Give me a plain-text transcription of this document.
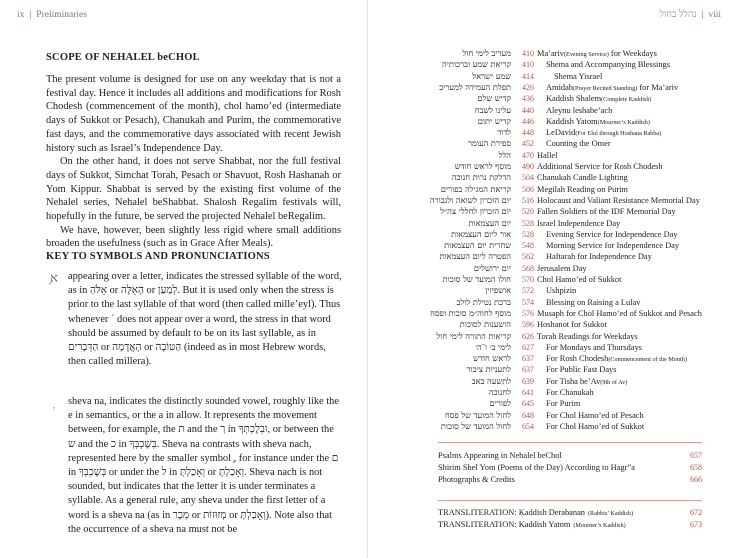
ix | Preliminaries
SCOPE OF NEHALEL beCHOL

The present volume is designed for use on any weekday that is not a festival day. Hence it includes all additions and modifications for Rosh Chodesh (commencement of the month), chol hamo’ed (intermediate days of Sukkot or Pesach), Chanukah and Purim, the commemorative fast days, and the commemorative days associated with recent Jewish history such as Israel’s Independence Day.

On the other hand, it does not serve Shabbat, nor the full festival days of Sukkot, Simchat Torah, Pesach or Shavuot, Rosh Hashanah or Yom Kippur. Shabbat is served by the existing first volume of the Nehalel series, Nehalel beShabbat. Shalosh Regalim festivals will, hopefully in the future, be served the projected Nehalel beRegalim.

We have, however, been slightly less rigid where small additions broaden the usefulness (such as in Grace After Meals).

KEY TO SYMBOLS AND PRONUNCIATIONS
א̗ appearing over a letter, indicates the stressed syllable of the word, as in אֵלֹּהַ or הָאֵלָּה or לְמַעַן. But it is used only when the stress is prior to the last syllable of that word (then called mille’eyl). Thus whenever ˊ does not appear over a word, the stress in that word should be assumed by default to be on its last syllable, as in הַדְּבָרִים or הָאֲדָמָה or הַטּוֹבָה (indeed as in most Hebrew words, then called millera).
sheva na, indicates the distinctly sounded vowel, roughly like the e in semantics, or the a in allow. It represents the movement between, for example, the ת and the ך in וּבְלֶכְתְּךָ, or between the ש and the כ in בְּשָׁכְבְּךָ. Sheva na contrasts with sheva nach, represented here by the smaller symbol ְ, for instance under the ם in בְּשָׁכְבְּךָ or under the ל in וְאָכַלְתָּ or וְאָכַלְתָּ. Sheva nach is not sounded, but indicates that the letter it is under terminates a syllable. As a general rule, any sheva under the first letter of a word is a sheva na (as in מְכָר or מְזוּזוֹת or וְאָכַלְתָּ). Note also that the occurrence of a sheva na must not be
נהלל בחול | viii
מעריב לימי חול	410 Ma’ariv(Evening Service) for Weekdays
קריאת שמע וברכותיה	410 Shema and Accompanying Blessings
שמע ישראל	414 Shema Yisrael
תפלת העמידה למעריב	426 Amidah(Prayer Recited Standing) for Ma’ariv
קדיש שלם	436 Kaddish Shalem(Complete Kaddish)
עלינו לשבח	440 Aleynu leshabe’ach
קדיש יתום	446 Kaddish Yatom(Mourner’s Kaddish)
לדוד	448 LeDavid(For Elul through Hoshana Rabba)
ספירת העומר	452 Counting the Omer
הלל	470 Hallel
מוסף לראש חודש	490 Additional Service for Rosh Chodesh
הדלקת נרות חנוכה	504 Chanukah Candle Lighting
קריאת המגילה בפורים	506 Megilah Reading on Purim
יום הזכרון לשואה ולגבורה	516 Holocaust and Valiant Resistance Memorial Day
יום הזכרון לחללי צה״ל	520 Fallen Soldiers of the IDF Memorial Day
יום העצמאות	528 Israel Independence Day
אור ליום העצמאות	528 Evening Service for Independence Day
שחרית יום העצמאות	548 Morning Service for Independence Day
הפטרה ליום העצמאות	562 Haftarah for Independence Day
יום ירושלים	568 Jerusalem Day
חולו המועד של סוכות	570 Chol Hamo’ed of Sukkot
אושפיזין	572 Ushpizin
ברכת נטילת לולב	574 Blessing on Raising a Lulav
מוסף לחוה״מ סוכות ופסח	576 Musaph for Chol Hamo’ed of Sukkot and Pesach
הושענות לסוכות	596 Hoshanot for Sukkot
קריאות התורה לימי חול	626 Torah Readings for Weekdays
לימי ב׳ ו־ה׳	627 For Mondays and Thursdays
לראש חודש	637 For Rosh Chodesh(Commencement of the Month)
לתעניות ציבור	637 For Public Fast Days
לתשעה באב	639 For Tisha be’Av(9th of Av)
לחנוכה	641 For Chanukah
לפורים	645 For Purim
לחול המועד של פסח	648 For Chol Hamo’ed of Pesach
לחול המועד של סוכות	654 For Chol Hamo’ed of Sukkot
Psalms Appearing in Nehalel beChol	657
Shirim Shel Yom (Poems of the Day) According to Hagr”a	658
Photographs & Credits	666
TRANSLITERATION: Kaddish Derabanan (Rabbis’ Kaddish)	672
TRANSLITERATION: Kaddish Yatom (Mourner’s Kaddish)	673
